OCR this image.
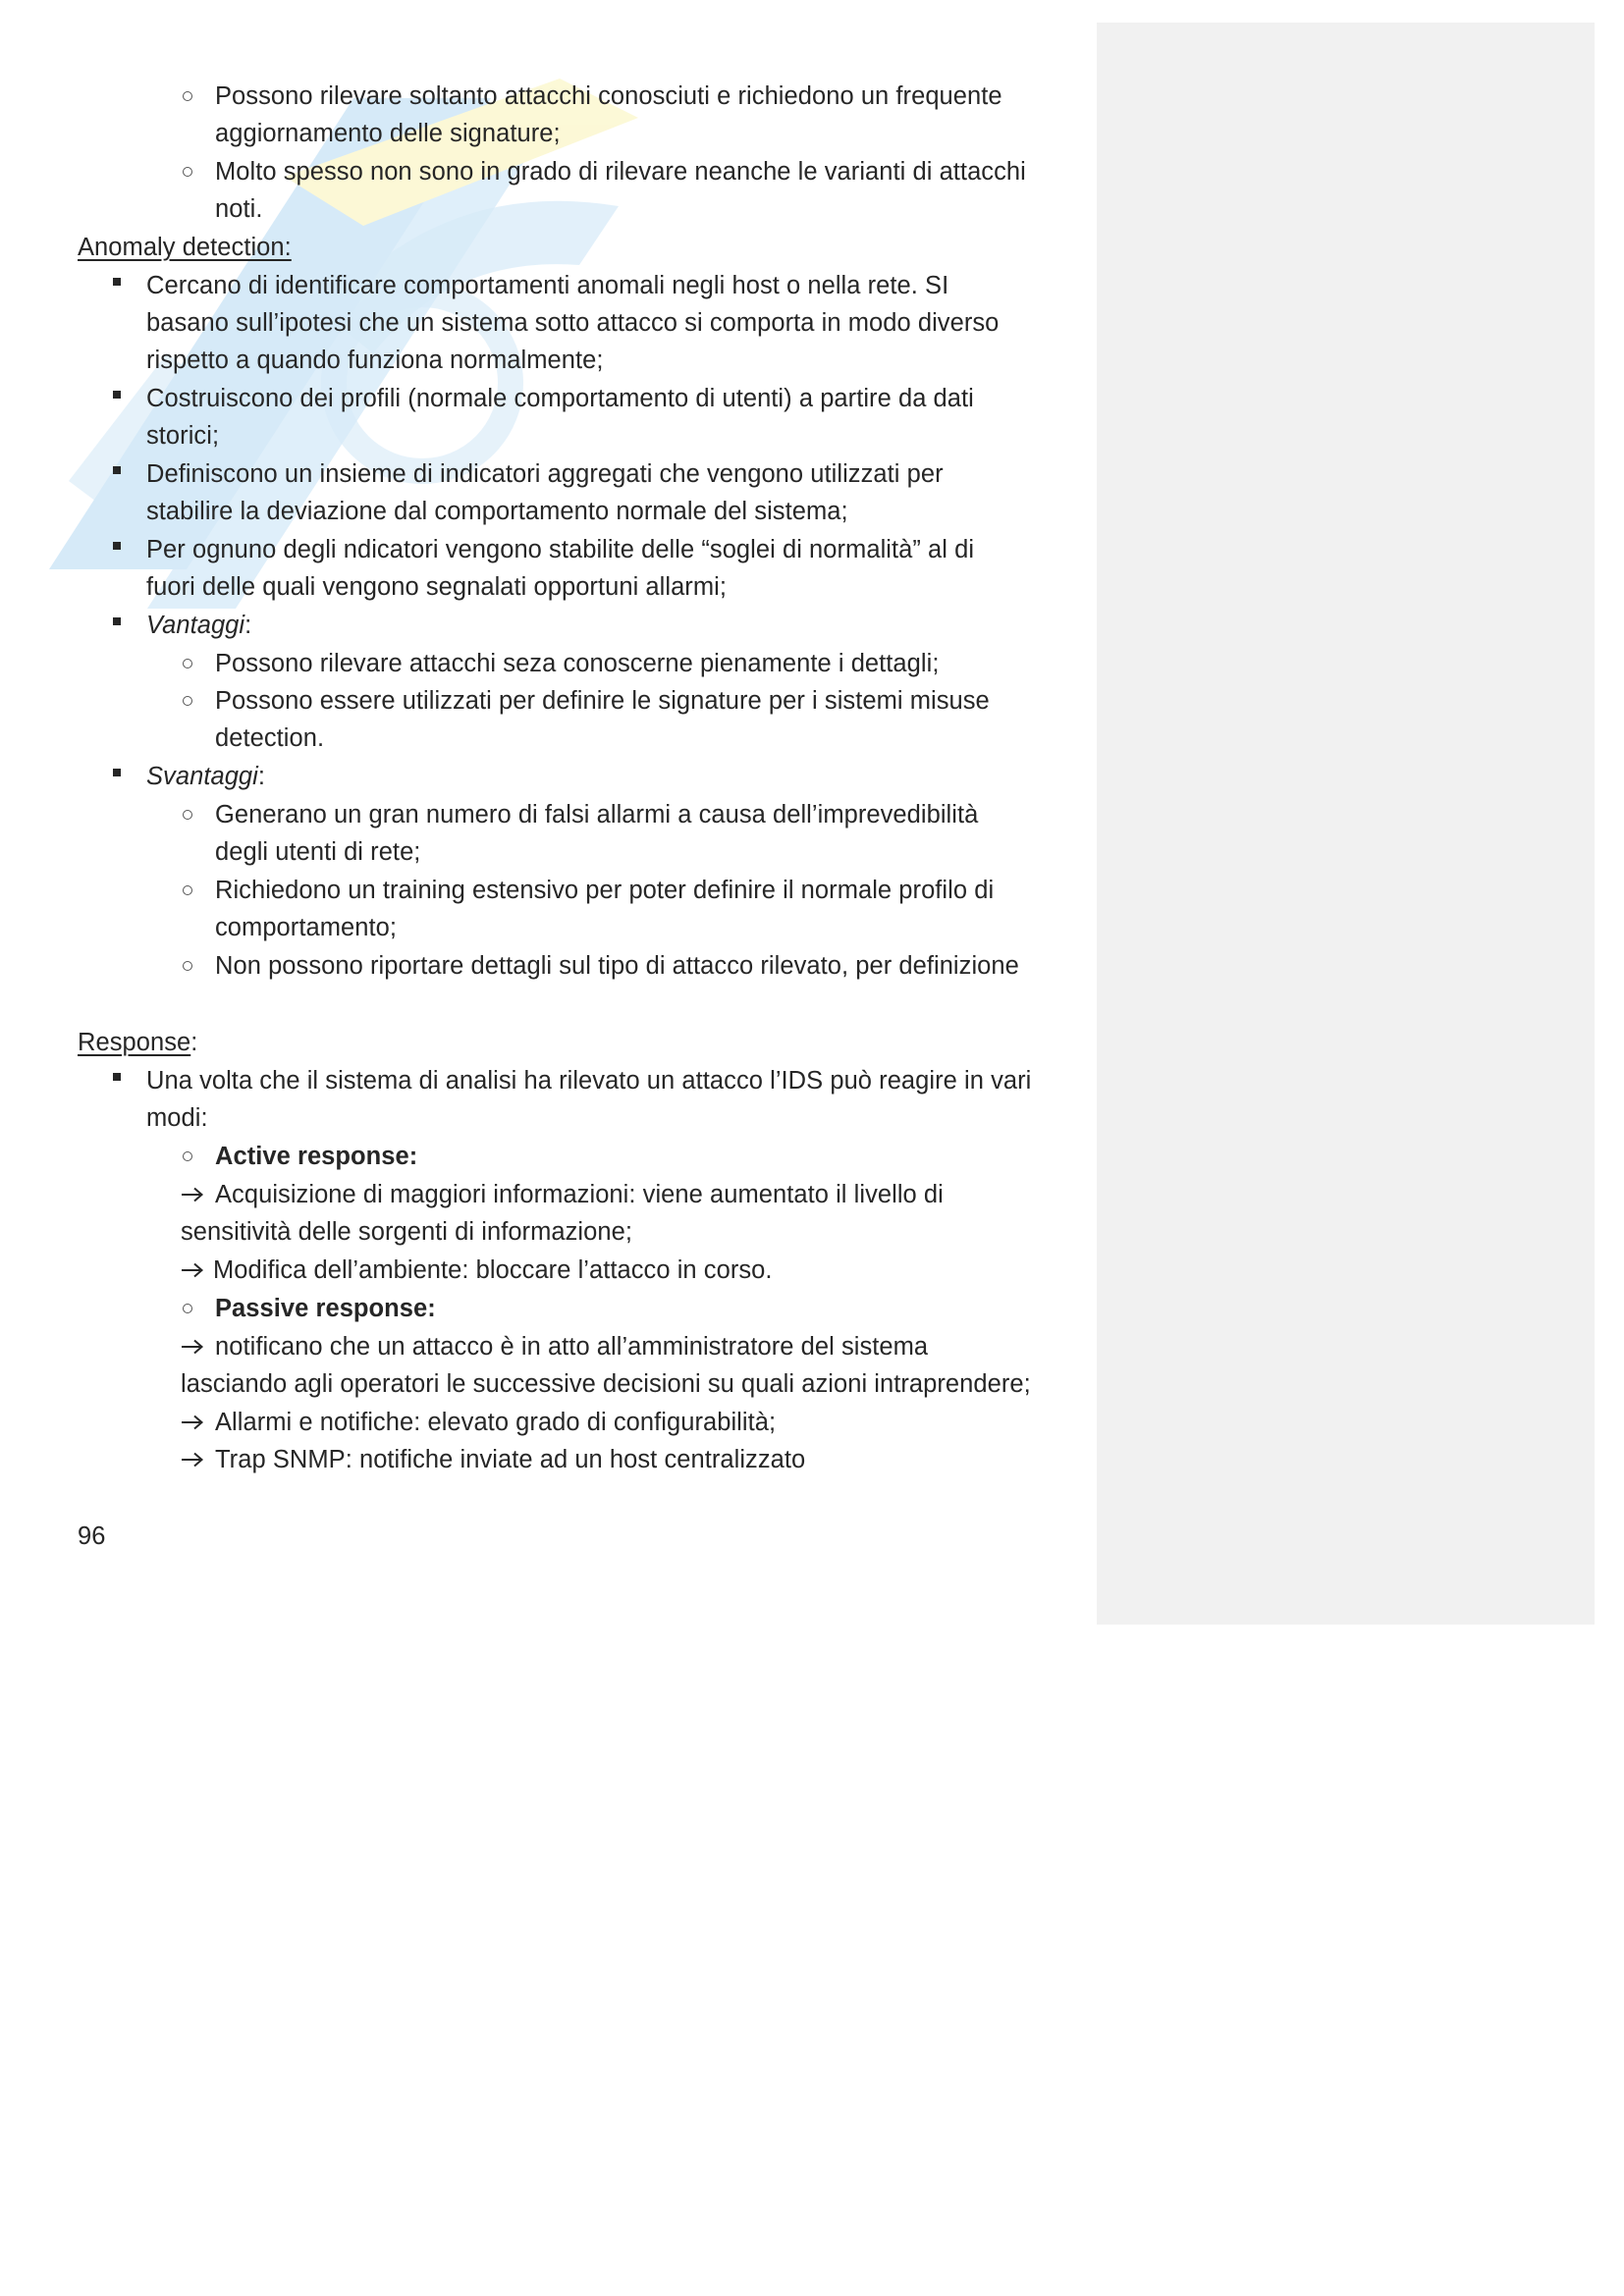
Possono rilevare soltanto attacchi conosciuti e richiedono un frequente
aggiornamento delle signature;
Molto spesso non sono in grado di rilevare neanche le varianti di attacchi
noti.
Anomaly detection:
Cercano di identificare comportamenti anomali negli host o nella rete. SI
basano sull’ipotesi che un sistema sotto attacco si comporta in modo diverso
rispetto a quando funziona normalmente;
Costruiscono dei profili (normale comportamento di utenti) a partire da dati
storici;
Definiscono un insieme di indicatori aggregati che vengono utilizzati per
stabilire la deviazione dal comportamento normale del sistema;
Per ognuno degli ndicatori vengono stabilite delle “soglei di normalità” al di
fuori delle quali vengono segnalati opportuni allarmi;
Vantaggi:
Possono rilevare attacchi seza conoscerne pienamente i dettagli;
Possono essere utilizzati per definire le signature per i sistemi misuse
detection.
Svantaggi:
Generano un gran numero di falsi allarmi a causa dell’imprevedibilità
degli utenti di rete;
Richiedono un training estensivo per poter definire il normale profilo di
comportamento;
Non possono riportare dettagli sul tipo di attacco rilevato, per definizione
Response:
Una volta che il sistema di analisi ha rilevato un attacco l’IDS può reagire in vari
modi:
Active response:
Acquisizione di maggiori informazioni: viene aumentato il livello di
sensitività delle sorgenti di informazione;
Modifica dell’ambiente: bloccare l’attacco in corso.
Passive response:
notificano che un attacco è in atto all’amministratore del sistema
lasciando agli operatori le successive decisioni su quali azioni intraprendere;
Allarmi e notifiche: elevato grado di configurabilità;
Trap SNMP: notifiche inviate ad un host centralizzato
96
